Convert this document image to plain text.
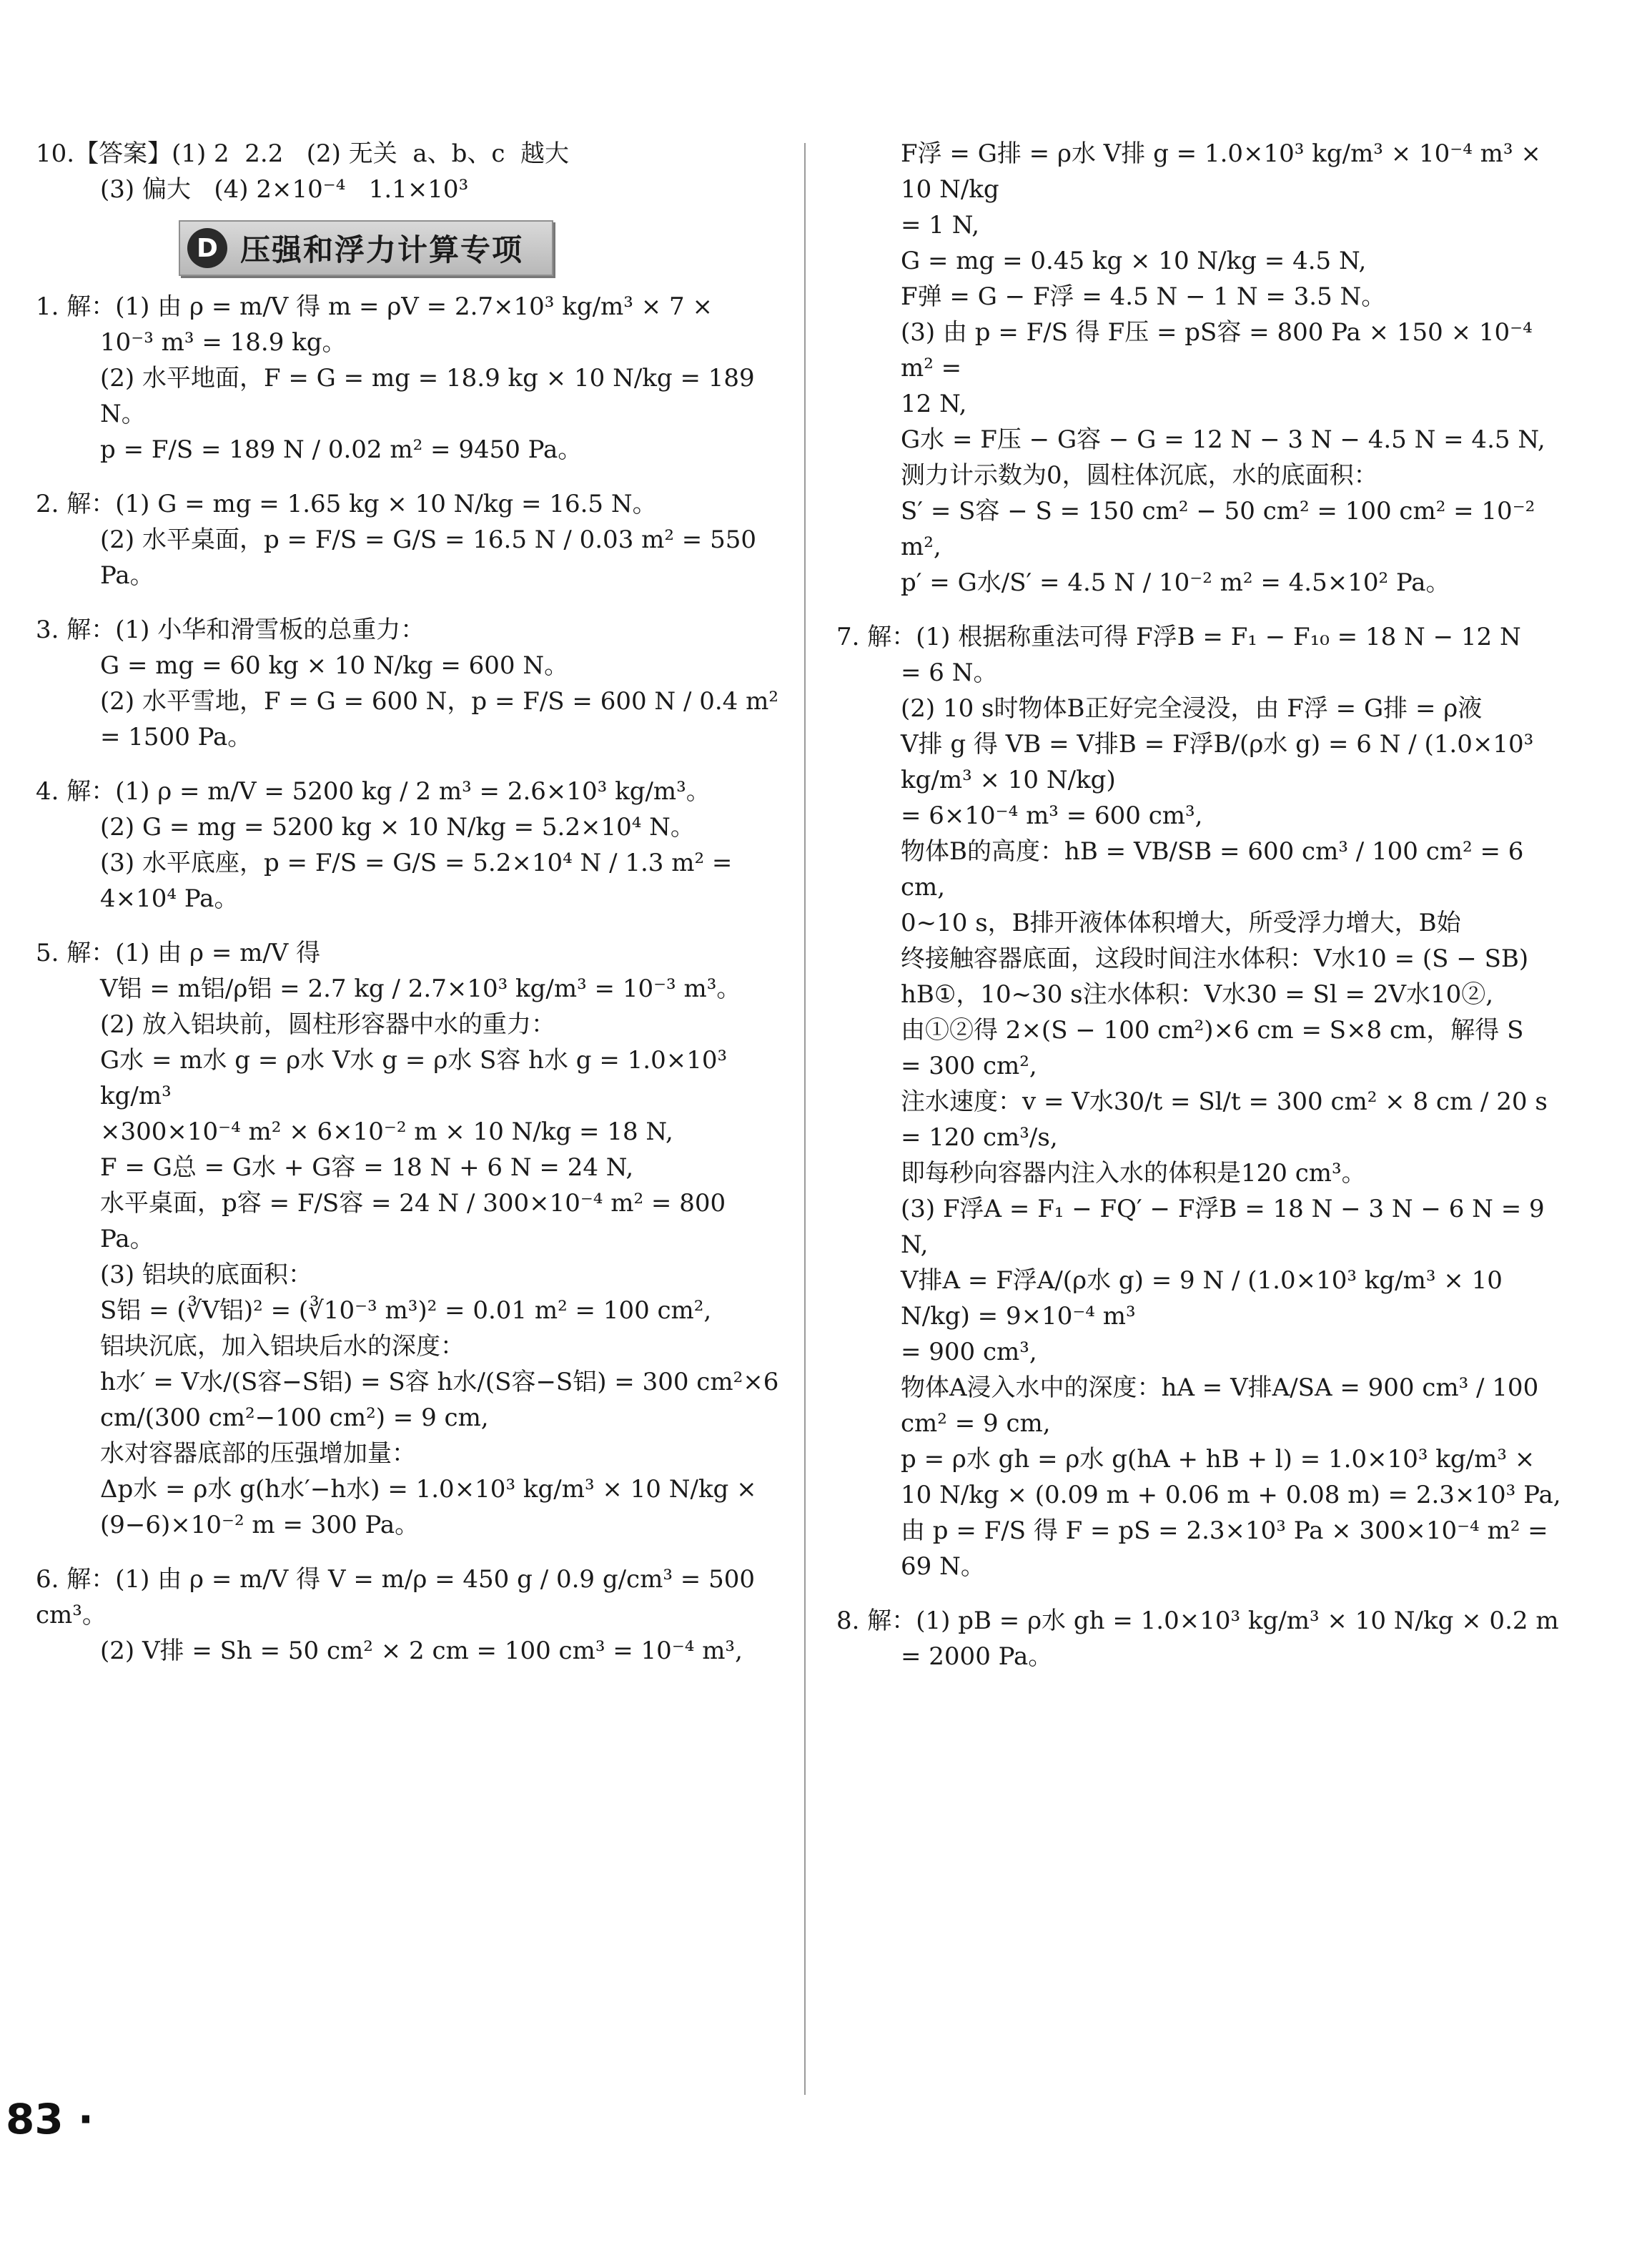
10.【答案】(1) 2  2.2   (2) 无关  a、b、c  越大

(3) 偏大   (4) 2×10⁻⁴   1.1×10³

D 压强和浮力计算专项

1. 解：(1) 由 ρ = m/V 得 m = ρV = 2.7×10³ kg/m³ × 7 ×

10⁻³ m³ = 18.9 kg。

(2) 水平地面，F = G = mg = 18.9 kg × 10 N/kg = 189 N。

p = F/S = 189 N / 0.02 m² = 9450 Pa。

2. 解：(1) G = mg = 1.65 kg × 10 N/kg = 16.5 N。

(2) 水平桌面，p = F/S = G/S = 16.5 N / 0.03 m² = 550 Pa。

3. 解：(1) 小华和滑雪板的总重力：

G = mg = 60 kg × 10 N/kg = 600 N。

(2) 水平雪地，F = G = 600 N，p = F/S = 600 N / 0.4 m² = 1500 Pa。

4. 解：(1) ρ = m/V = 5200 kg / 2 m³ = 2.6×10³ kg/m³。

(2) G = mg = 5200 kg × 10 N/kg = 5.2×10⁴ N。

(3) 水平底座，p = F/S = G/S = 5.2×10⁴ N / 1.3 m² = 4×10⁴ Pa。

5. 解：(1) 由 ρ = m/V 得

V铝 = m铝/ρ铝 = 2.7 kg / 2.7×10³ kg/m³ = 10⁻³ m³。

(2) 放入铝块前，圆柱形容器中水的重力：

G水 = m水 g = ρ水 V水 g = ρ水 S容 h水 g = 1.0×10³ kg/m³

×300×10⁻⁴ m² × 6×10⁻² m × 10 N/kg = 18 N,

F = G总 = G水 + G容 = 18 N + 6 N = 24 N,

水平桌面，p容 = F/S容 = 24 N / 300×10⁻⁴ m² = 800 Pa。

(3) 铝块的底面积：

S铝 = (∛V铝)² = (∛10⁻³ m³)² = 0.01 m² = 100 cm²,

铝块沉底，加入铝块后水的深度：

h水′ = V水/(S容−S铝) = S容 h水/(S容−S铝) = 300 cm²×6 cm/(300 cm²−100 cm²) = 9 cm,

水对容器底部的压强增加量：

Δp水 = ρ水 g(h水′−h水) = 1.0×10³ kg/m³ × 10 N/kg ×

(9−6)×10⁻² m = 300 Pa。

6. 解：(1) 由 ρ = m/V 得 V = m/ρ = 450 g / 0.9 g/cm³ = 500 cm³。

(2) V排 = Sh = 50 cm² × 2 cm = 100 cm³ = 10⁻⁴ m³,

F浮 = G排 = ρ水 V排 g = 1.0×10³ kg/m³ × 10⁻⁴ m³ × 10 N/kg

= 1 N,

G = mg = 0.45 kg × 10 N/kg = 4.5 N,

F弹 = G − F浮 = 4.5 N − 1 N = 3.5 N。

(3) 由 p = F/S 得 F压 = pS容 = 800 Pa × 150 × 10⁻⁴ m² =

12 N,

G水 = F压 − G容 − G = 12 N − 3 N − 4.5 N = 4.5 N,

测力计示数为0，圆柱体沉底，水的底面积：

S′ = S容 − S = 150 cm² − 50 cm² = 100 cm² = 10⁻² m²,

p′ = G水/S′ = 4.5 N / 10⁻² m² = 4.5×10² Pa。

7. 解：(1) 根据称重法可得 F浮B = F₁ − F₁₀ = 18 N − 12 N

= 6 N。

(2) 10 s时物体B正好完全浸没，由 F浮 = G排 = ρ液

V排 g 得 VB = V排B = F浮B/(ρ水 g) = 6 N / (1.0×10³ kg/m³ × 10 N/kg)

= 6×10⁻⁴ m³ = 600 cm³,

物体B的高度：hB = VB/SB = 600 cm³ / 100 cm² = 6 cm,

0~10 s，B排开液体体积增大，所受浮力增大，B始

终接触容器底面，这段时间注水体积：V水10 = (S − SB)

hB①，10~30 s注水体积：V水30 = Sl = 2V水10②,

由①②得 2×(S − 100 cm²)×6 cm = S×8 cm，解得 S

= 300 cm²,

注水速度：v = V水30/t = Sl/t = 300 cm² × 8 cm / 20 s = 120 cm³/s,

即每秒向容器内注入水的体积是120 cm³。

(3) F浮A = F₁ − FQ′ − F浮B = 18 N − 3 N − 6 N = 9 N,

V排A = F浮A/(ρ水 g) = 9 N / (1.0×10³ kg/m³ × 10 N/kg) = 9×10⁻⁴ m³

= 900 cm³,

物体A浸入水中的深度：hA = V排A/SA = 900 cm³ / 100 cm² = 9 cm,

p = ρ水 gh = ρ水 g(hA + hB + l) = 1.0×10³ kg/m³ ×

10 N/kg × (0.09 m + 0.06 m + 0.08 m) = 2.3×10³ Pa,

由 p = F/S 得 F = pS = 2.3×10³ Pa × 300×10⁻⁴ m² =

69 N。

8. 解：(1) pB = ρ水 gh = 1.0×10³ kg/m³ × 10 N/kg × 0.2 m

= 2000 Pa。

83 ·
